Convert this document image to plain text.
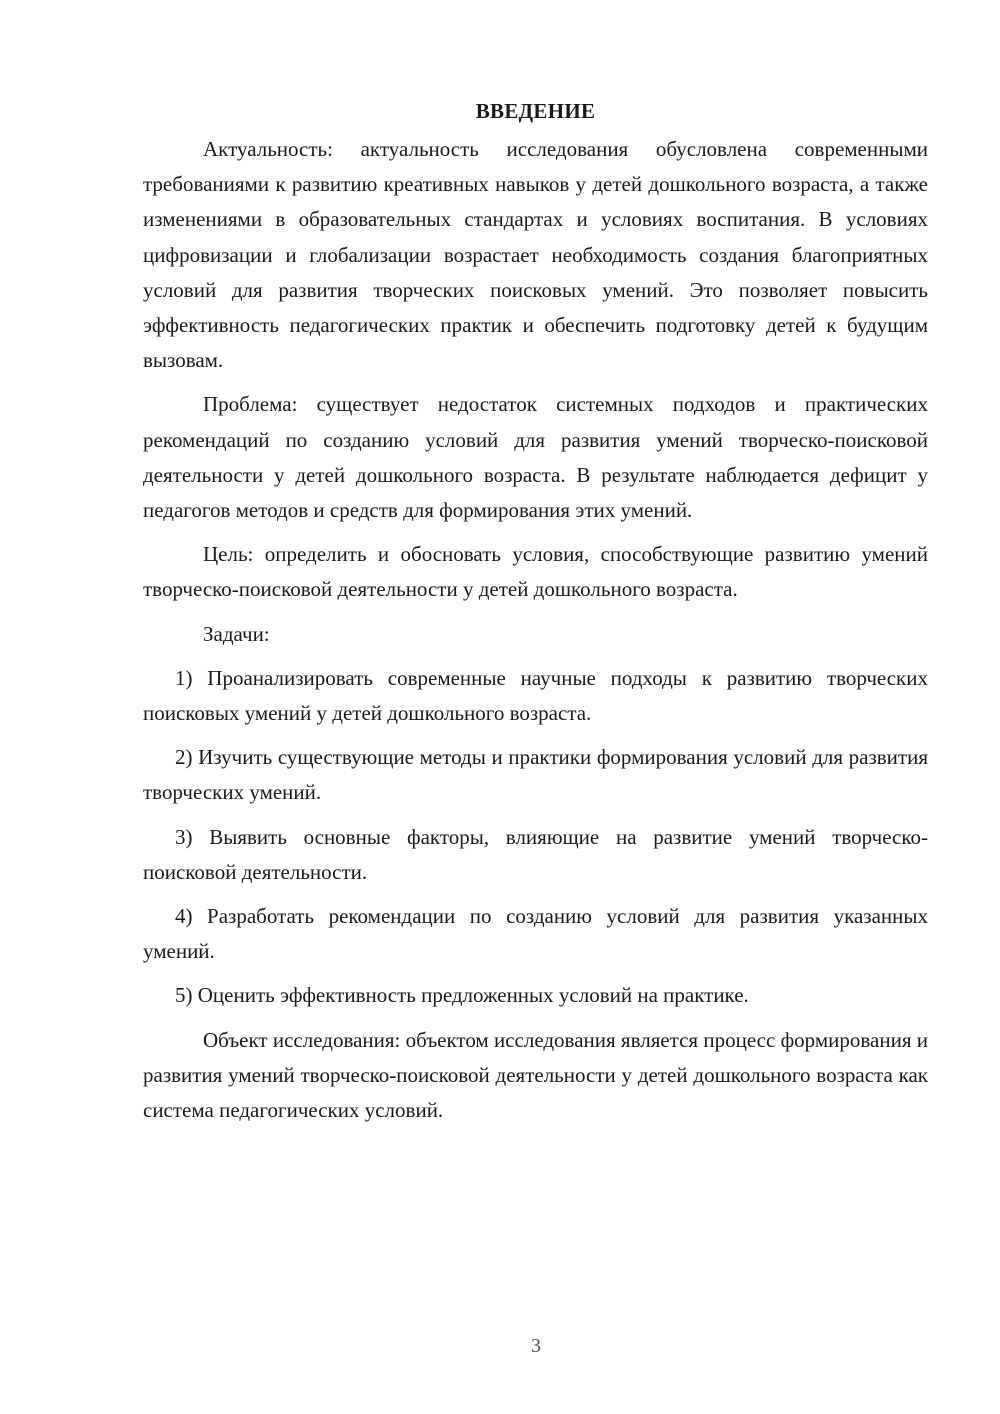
ВВЕДЕНИЕ

Актуальность: актуальность исследования обусловлена современными требованиями к развитию креативных навыков у детей дошкольного возраста, а также изменениями в образовательных стандартах и условиях воспитания. В условиях цифровизации и глобализации возрастает необходимость создания благоприятных условий для развития творческих поисковых умений. Это позволяет повысить эффективность педагогических практик и обеспечить подготовку детей к будущим вызовам.

Проблема: существует недостаток системных подходов и практических рекомендаций по созданию условий для развития умений творческо-поисковой деятельности у детей дошкольного возраста. В результате наблюдается дефицит у педагогов методов и средств для формирования этих умений.

Цель: определить и обосновать условия, способствующие развитию умений творческо-поисковой деятельности у детей дошкольного возраста.

Задачи:

1) Проанализировать современные научные подходы к развитию творческих поисковых умений у детей дошкольного возраста.

2) Изучить существующие методы и практики формирования условий для развития творческих умений.

3) Выявить основные факторы, влияющие на развитие умений творческо-поисковой деятельности.

4) Разработать рекомендации по созданию условий для развития указанных умений.

5) Оценить эффективность предложенных условий на практике.

Объект исследования: объектом исследования является процесс формирования и развития умений творческо-поисковой деятельности у детей дошкольного возраста как система педагогических условий.

3
